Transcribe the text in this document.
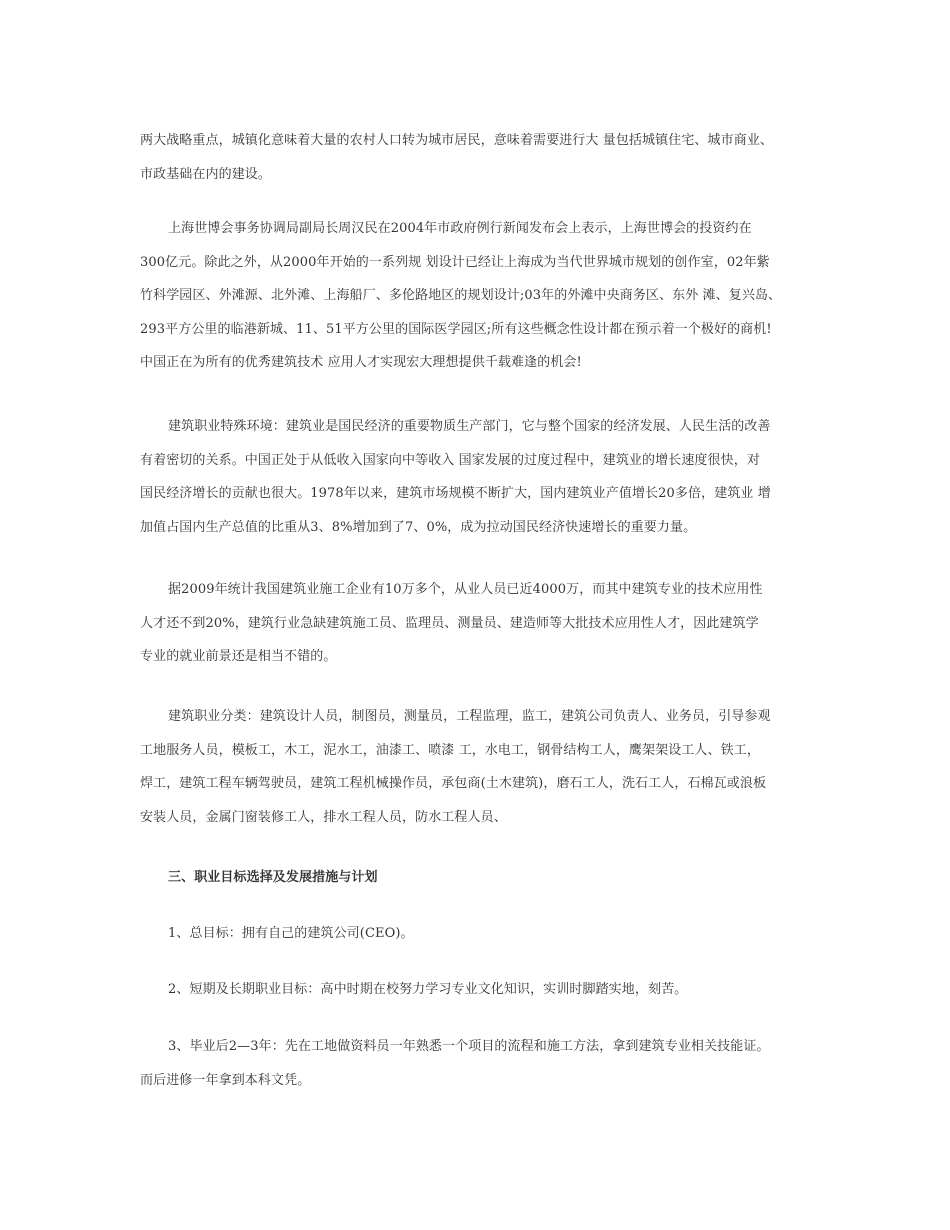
两大战略重点，城镇化意味着大量的农村人口转为城市居民，意味着需要进行大 量包括城镇住宅、城市商业、
市政基础在内的建设。
上海世博会事务协调局副局长周汉民在2004年市政府例行新闻发布会上表示，上海世博会的投资约在
300亿元。除此之外，从2000年开始的一系列规 划设计已经让上海成为当代世界城市规划的创作室，02年紫
竹科学园区、外滩源、北外滩、上海船厂、多伦路地区的规划设计;03年的外滩中央商务区、东外 滩、复兴岛、
293平方公里的临港新城、11、51平方公里的国际医学园区;所有这些概念性设计都在预示着一个极好的商机!
中国正在为所有的优秀建筑技术 应用人才实现宏大理想提供千载难逢的机会!
建筑职业特殊环境：建筑业是国民经济的重要物质生产部门，它与整个国家的经济发展、人民生活的改善
有着密切的关系。中国正处于从低收入国家向中等收入 国家发展的过度过程中，建筑业的增长速度很快，对
国民经济增长的贡献也很大。1978年以来，建筑市场规模不断扩大，国内建筑业产值增长20多倍，建筑业 增
加值占国内生产总值的比重从3、8%增加到了7、0%，成为拉动国民经济快速增长的重要力量。
据2009年统计我国建筑业施工企业有10万多个，从业人员已近4000万，而其中建筑专业的技术应用性
人才还不到20%，建筑行业急缺建筑施工员、监理员、测量员、建造师等大批技术应用性人才，因此建筑学
专业的就业前景还是相当不错的。
建筑职业分类：建筑设计人员，制图员，测量员，工程监理，监工，建筑公司负责人、业务员，引导参观
工地服务人员，模板工，木工，泥水工，油漆工、喷漆 工，水电工，钢骨结构工人，鹰架架设工人、铁工，
焊工，建筑工程车辆驾驶员，建筑工程机械操作员，承包商(土木建筑)，磨石工人，洗石工人，石棉瓦或浪板
安装人员，金属门窗装修工人，排水工程人员，防水工程人员、
三、职业目标选择及发展措施与计划
1、总目标：拥有自己的建筑公司(CEO)。
2、短期及长期职业目标：高中时期在校努力学习专业文化知识，实训时脚踏实地，刻苦。
3、毕业后2—3年：先在工地做资料员一年熟悉一个项目的流程和施工方法，拿到建筑专业相关技能证。
而后进修一年拿到本科文凭。
